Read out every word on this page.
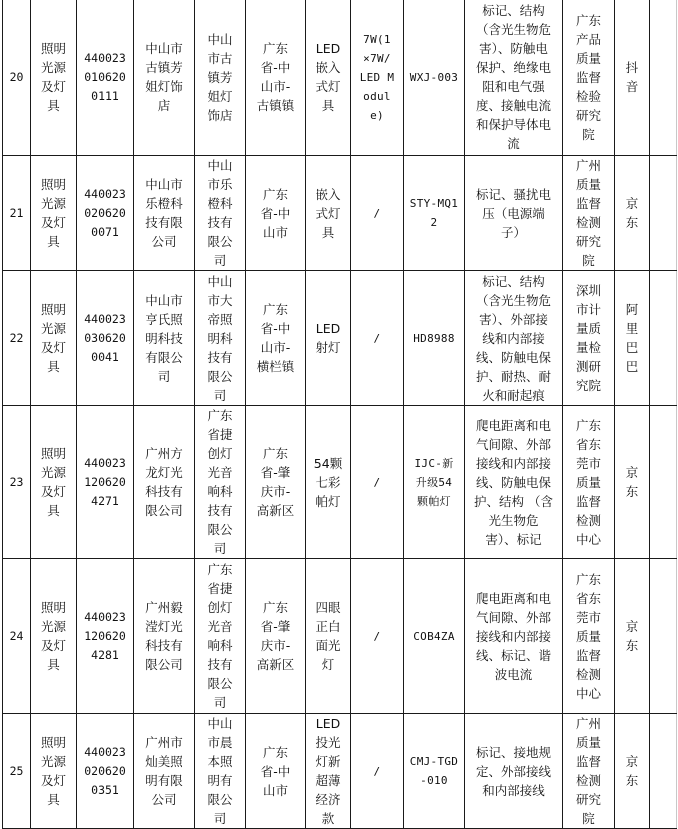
20

照明
光源
及灯
具

440023
010620
0111

中山市
古镇芳
姐灯饰
店

中山
市古
镇芳
姐灯
饰店

广东
省-中
山市-
古镇镇

LED
嵌入
式灯
具

7W(1
×7W/
LED M
odul
e)

WXJ-003

标记、结构
（含光生物危
害）、防触电
保护、绝缘电
阻和电气强
度、接触电流
和保护导体电
流

广东
产品
质量
监督
检验
研究
院

抖
音

21

照明
光源
及灯
具

440023
020620
0071

中山市
乐橙科
技有限
公司

中山
市乐
橙科
技有
限公
司

广东
省-中
山市

嵌入
式灯
具

/

STY-MQ1
2

标记、骚扰电
压（电源端
子）

广州
质量
监督
检测
研究
院

京
东

22

照明
光源
及灯
具

440023
030620
0041

中山市
亨氏照
明科技
有限公
司

中山
市大
帝照
明科
技有
限公
司

广东
省-中
山市-
横栏镇

LED
射灯

/	HD8988

标记、结构
（含光生物危
害）、外部接
线和内部接
线、防触电保
护、耐热、耐
火和耐起痕

深圳
市计
量质
量检
测研
究院

阿
里
巴
巴

23

照明
光源
及灯
具

440023
120620
4271

广州方
龙灯光
科技有
限公司

广东
省捷
创灯
光音
响科
技有
限公
司

广东
省-肇
庆市-
高新区

54颗
七彩
帕灯

/

IJC-新
升级54
颗帕灯

爬电距离和电
气间隙、外部
接线和内部接
线、防触电保
护、结构 （含
光生物危
害）、标记

广东
省东
莞市
质量
监督
检测
中心

京
东

24

照明
光源
及灯
具

440023
120620
4281

广州毅
滢灯光
科技有
限公司

广东
省捷
创灯
光音
响科
技有
限公
司

广东
省-肇
庆市-
高新区

四眼
正白
面光
灯

/	COB4ZA

爬电距离和电
气间隙、外部
接线和内部接
线、标记、谐
波电流

广东
省东
莞市
质量
监督
检测
中心

京
东

25

照明
光源
及灯
具

440023
020620
0351

广州市
灿美照
明有限
公司

中山
市晨
本照
明有
限公
司

广东
省-中
山市

LED
投光
灯新
超薄
经济
款

/

CMJ-TGD
-010

标记、接地规
定、外部接线
和内部接线

广州
质量
监督
检测
研究
院

京
东
